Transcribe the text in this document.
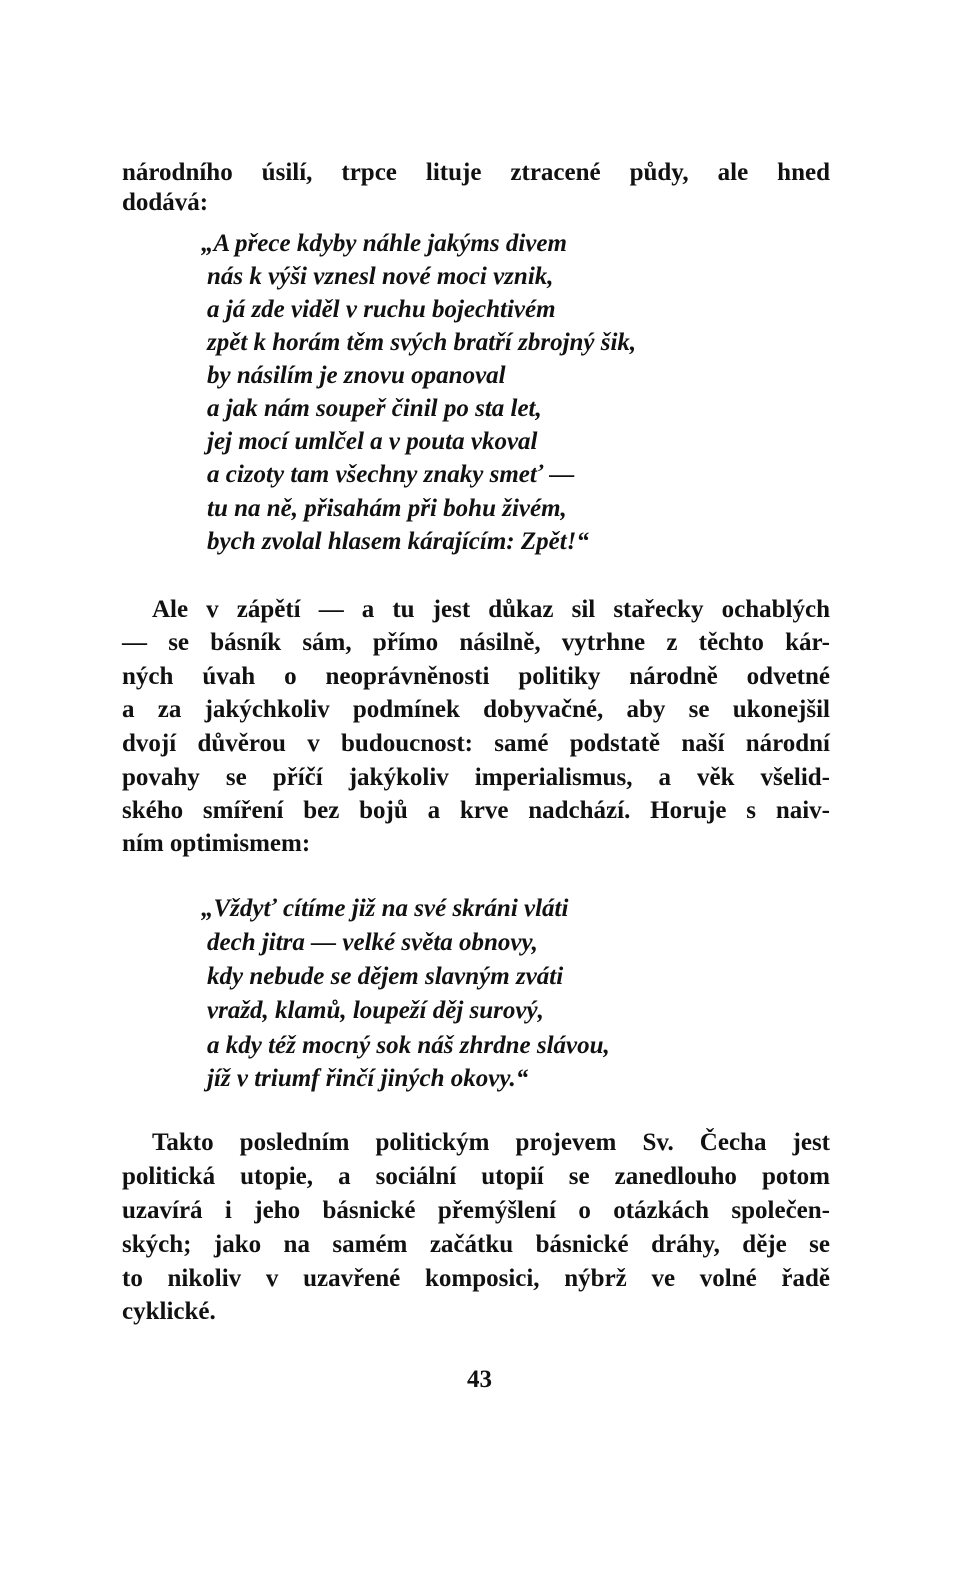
národního úsilí, trpce lituje ztracené půdy, ale hned

dodává:

„A přece kdyby náhle jakýms divem

nás k výši vznesl nové moci vznik,

a já zde viděl v ruchu bojechtivém

zpět k horám těm svých bratří zbrojný šik,

by násilím je znovu opanoval

a jak nám soupeř činil po sta let,

jej mocí umlčel a v pouta vkoval

a cizoty tam všechny znaky smeť —

tu na ně, přisahám při bohu živém,

bych zvolal hlasem kárajícím: Zpět!“

Ale v zápětí — a tu jest důkaz sil stařecky ochablých

— se básník sám, přímo násilně, vytrhne z těchto kár-

ných úvah o neoprávněnosti politiky národně odvetné

a za jakýchkoliv podmínek dobyvačné, aby se ukonejšil

dvojí důvěrou v budoucnost: samé podstatě naší národní

povahy se příčí jakýkoliv imperialismus, a věk všelid-

ského smíření bez bojů a krve nadchází. Horuje s naiv-

ním optimismem:

„Vždyť cítíme již na své skráni vláti

dech jitra — velké světa obnovy,

kdy nebude se dějem slavným zváti

vražd, klamů, loupeží děj surový,

a kdy též mocný sok náš zhrdne slávou,

jíž v triumf řinčí jiných okovy.“

Takto posledním politickým projevem Sv. Čecha jest

politická utopie, a sociální utopií se zanedlouho potom

uzavírá i jeho básnické přemýšlení o otázkách společen-

ských; jako na samém začátku básnické dráhy, děje se

to nikoliv v uzavřené komposici, nýbrž ve volné řadě

cyklické.

43
